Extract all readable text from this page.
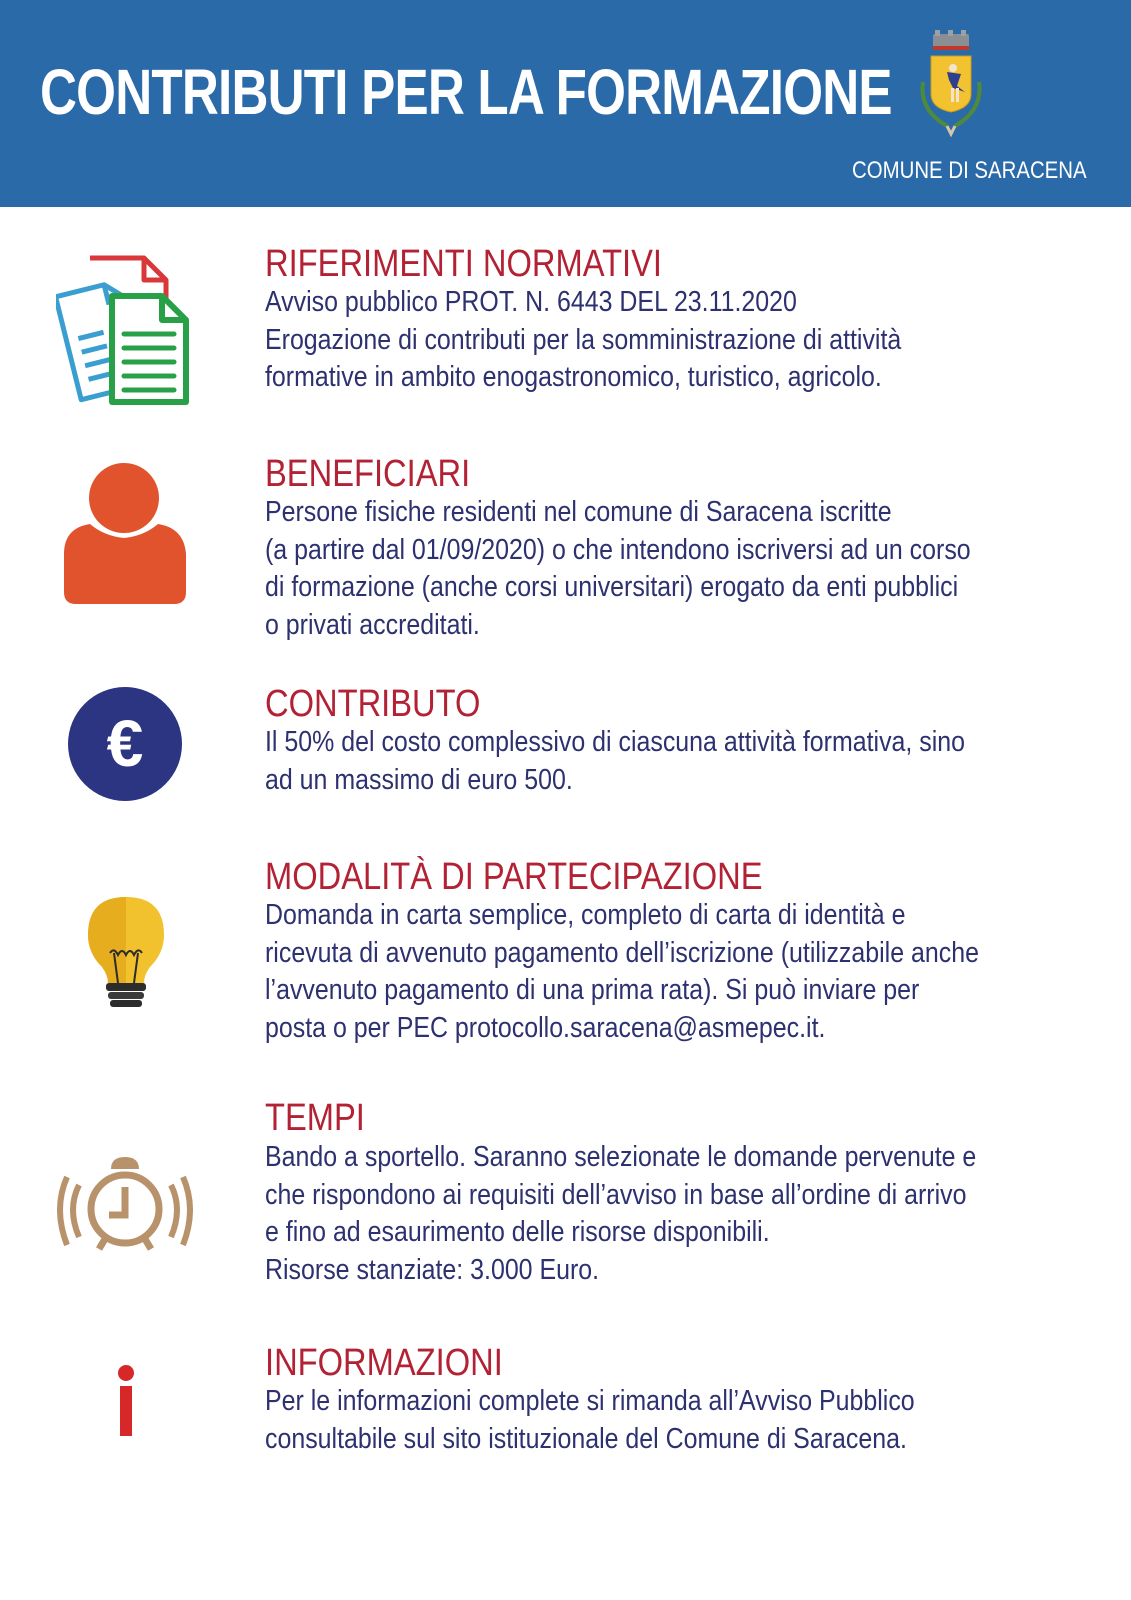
CONTRIBUTI PER LA FORMAZIONE
COMUNE DI SARACENA
RIFERIMENTI NORMATIVI
Avviso pubblico PROT. N. 6443 DEL 23.11.2020
Erogazione di contributi per la somministrazione di attività
formative in ambito enogastronomico, turistico, agricolo.
BENEFICIARI
Persone fisiche residenti nel comune di Saracena iscritte
(a partire dal 01/09/2020) o che intendono iscriversi ad un corso
di formazione (anche corsi universitari) erogato da enti pubblici
o privati accreditati.
€
CONTRIBUTO
Il 50% del costo complessivo di ciascuna attività formativa, sino
ad un massimo di euro 500.
MODALITÀ DI PARTECIPAZIONE
Domanda in carta semplice, completo di carta di identità e
ricevuta di avvenuto pagamento dell’iscrizione (utilizzabile anche
l’avvenuto pagamento di una prima rata). Si può inviare per
posta o per PEC protocollo.saracena@asmepec.it.
TEMPI
Bando a sportello. Saranno selezionate le domande pervenute e
che rispondono ai requisiti dell’avviso in base all’ordine di arrivo
e fino ad esaurimento delle risorse disponibili.
Risorse stanziate: 3.000 Euro.
INFORMAZIONI
Per le informazioni complete si rimanda all’Avviso Pubblico
consultabile sul sito istituzionale del Comune di Saracena.
